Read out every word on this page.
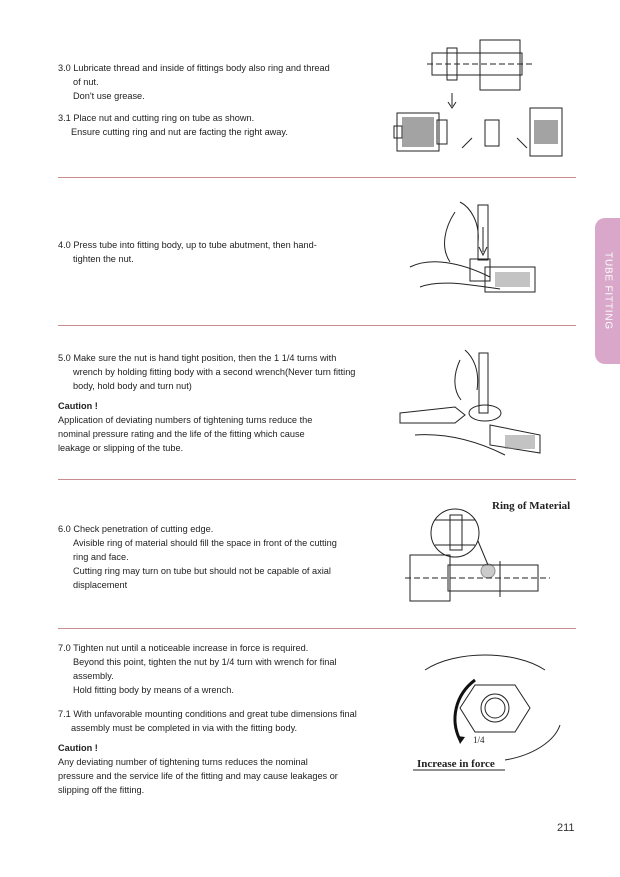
3.0 Lubricate thread and inside of fittings body also ring and thread

of nut.

Don't use grease.

3.1 Place nut and cutting ring on tube as shown.

Ensure cutting ring and nut are facting the right away.

4.0 Press tube into fitting body, up to tube abutment, then hand-

tighten the nut.

5.0 Make sure the nut is hand tight position, then the 1 1/4 turns with

wrench by holding fitting body with a second wrench(Never turn fitting

body, hold body and turn nut)

Caution !

Application of deviating numbers of tightening turns reduce the

nominal pressure rating and the life of the fitting which cause

leakage or slipping of the tube.

6.0 Check penetration of cutting edge.

Avisible ring of material should fill the space in front of the cutting

ring and face.

Cutting ring may turn on tube but should not be capable of axial

displacement

Ring of Material

7.0 Tighten nut until a noticeable increase in force is required.

Beyond this point, tighten the nut by 1/4 turn with wrench for final

assembly.

Hold fitting body by means of a wrench.

7.1 With unfavorable mounting conditions and great tube dimensions final

assembly must be completed in via with the fitting body.

Caution !

Any deviating number of tightening turns reduces the nominal

pressure and the service life of the fitting and may cause leakages or

slipping off the fitting.

1/4
Increase in force
TUBE FITTING
211
